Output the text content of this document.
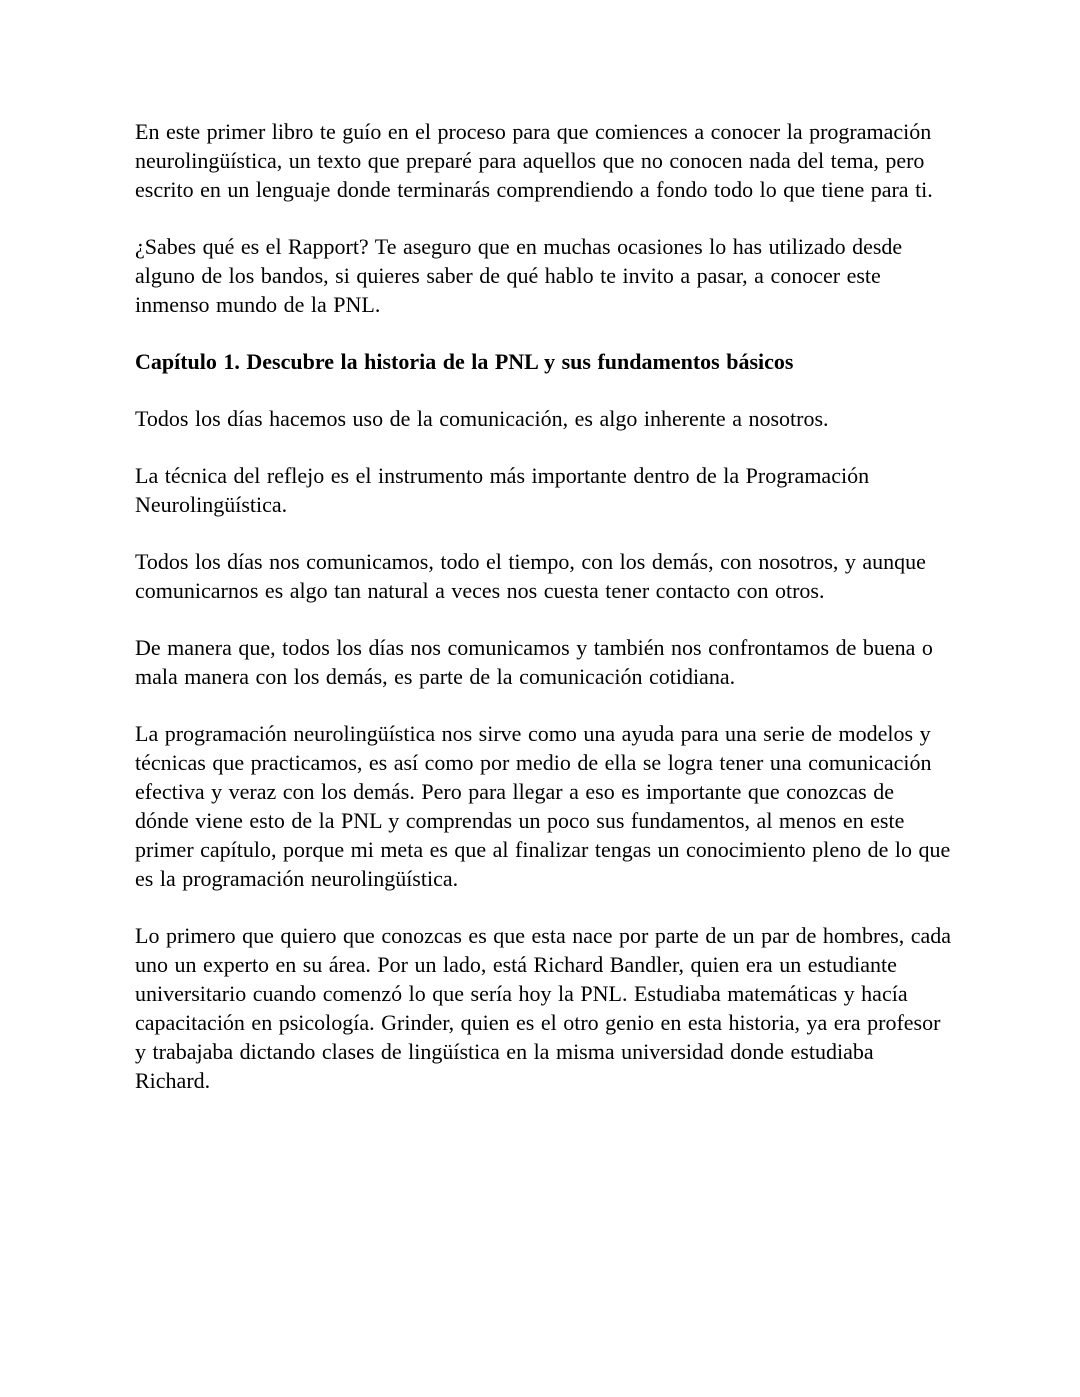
En este primer libro te guío en el proceso para que comiences a conocer la programación neurolingüística, un texto que preparé para aquellos que no conocen nada del tema, pero escrito en un lenguaje donde terminarás comprendiendo a fondo todo lo que tiene para ti.

¿Sabes qué es el Rapport? Te aseguro que en muchas ocasiones lo has utilizado desde alguno de los bandos, si quieres saber de qué hablo te invito a pasar, a conocer este inmenso mundo de la PNL.

Capítulo 1. Descubre la historia de la PNL y sus fundamentos básicos

Todos los días hacemos uso de la comunicación, es algo inherente a nosotros.

La técnica del reflejo es el instrumento más importante dentro de la Programación Neurolingüística.

Todos los días nos comunicamos, todo el tiempo, con los demás, con nosotros, y aunque comunicarnos es algo tan natural a veces nos cuesta tener contacto con otros.

De manera que, todos los días nos comunicamos y también nos confrontamos de buena o mala manera con los demás, es parte de la comunicación cotidiana.

La programación neurolingüística nos sirve como una ayuda para una serie de modelos y técnicas que practicamos, es así como por medio de ella se logra tener una comunicación efectiva y veraz con los demás. Pero para llegar a eso es importante que conozcas de dónde viene esto de la PNL y comprendas un poco sus fundamentos, al menos en este primer capítulo, porque mi meta es que al finalizar tengas un conocimiento pleno de lo que es la programación neurolingüística.

Lo primero que quiero que conozcas es que esta nace por parte de un par de hombres, cada uno un experto en su área. Por un lado, está Richard Bandler, quien era un estudiante universitario cuando comenzó lo que sería hoy la PNL. Estudiaba matemáticas y hacía capacitación en psicología. Grinder, quien es el otro genio en esta historia, ya era profesor y trabajaba dictando clases de lingüística en la misma universidad donde estudiaba Richard.
